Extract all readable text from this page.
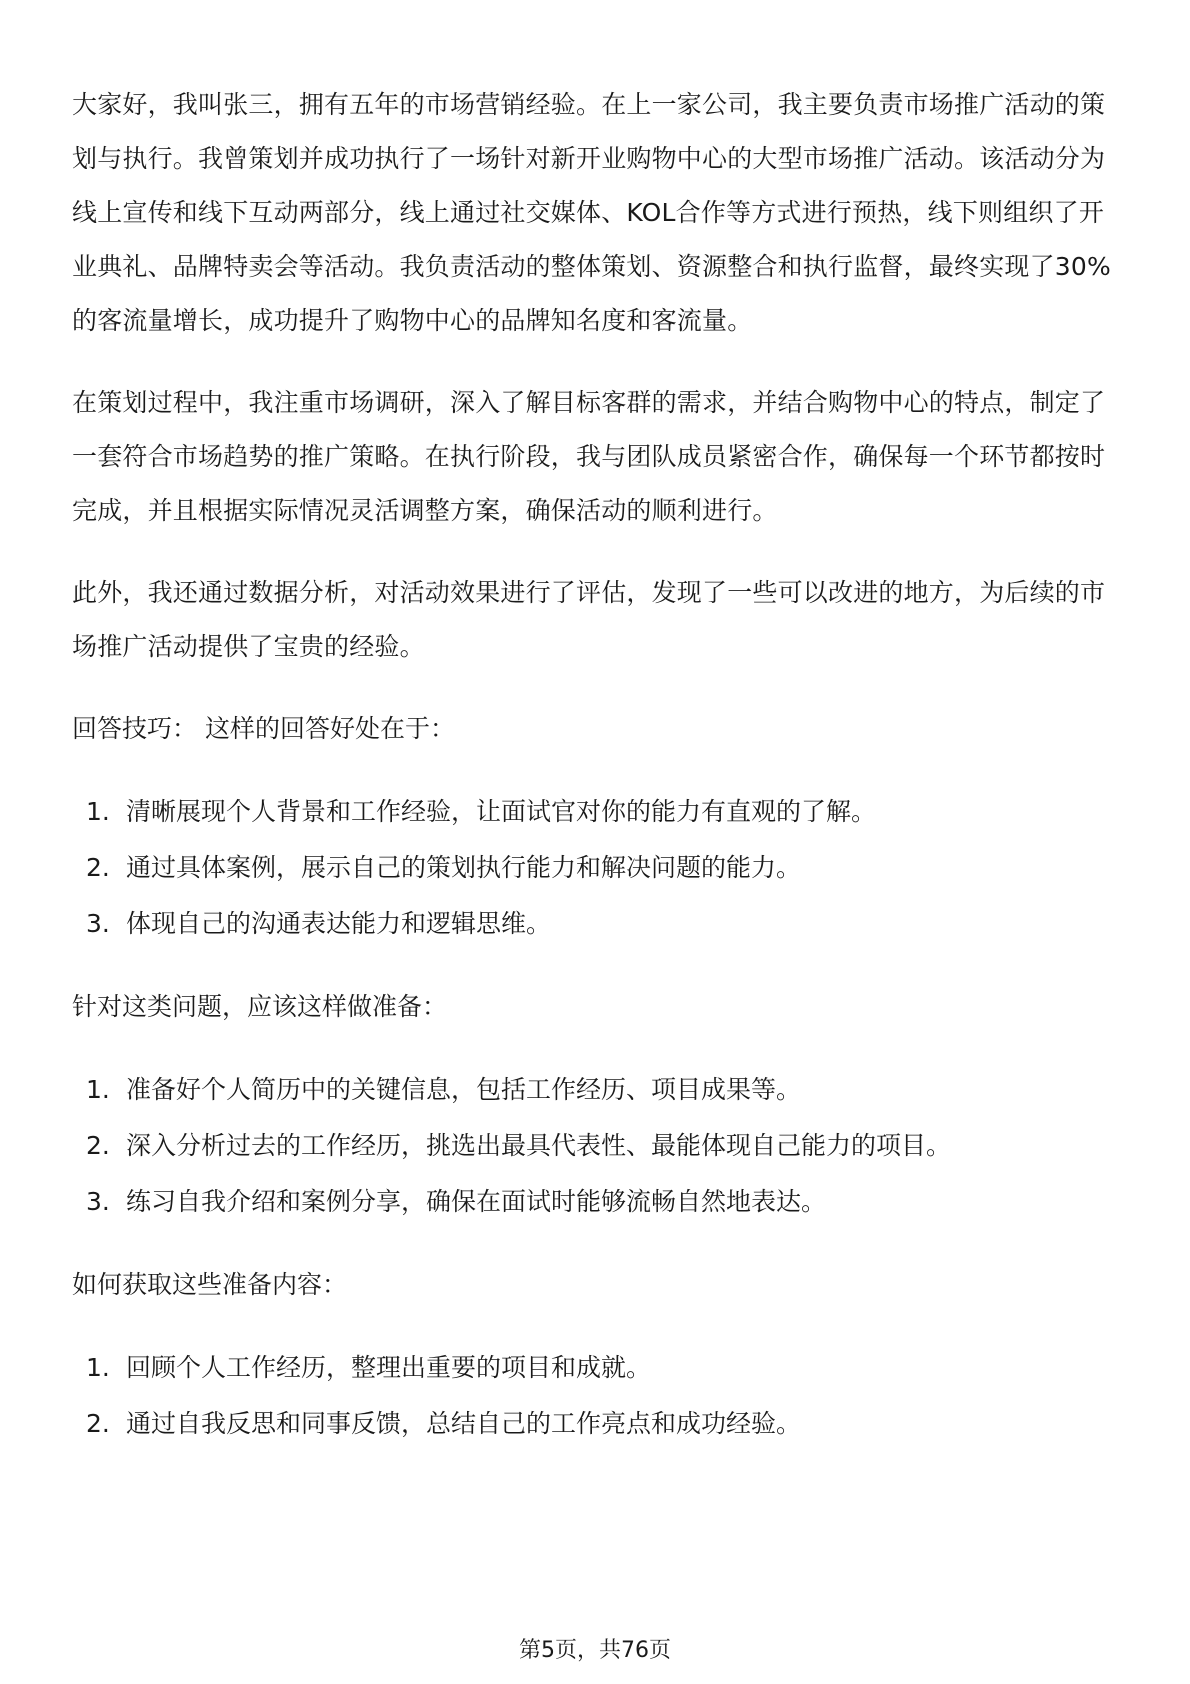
大家好，我叫张三，拥有五年的市场营销经验。在上一家公司，我主要负责市场推广活动的策划与执行。我曾策划并成功执行了一场针对新开业购物中心的大型市场推广活动。该活动分为线上宣传和线下互动两部分，线上通过社交媒体、KOL合作等方式进行预热，线下则组织了开业典礼、品牌特卖会等活动。我负责活动的整体策划、资源整合和执行监督，最终实现了30%的客流量增长，成功提升了购物中心的品牌知名度和客流量。

在策划过程中，我注重市场调研，深入了解目标客群的需求，并结合购物中心的特点，制定了一套符合市场趋势的推广策略。在执行阶段，我与团队成员紧密合作，确保每一个环节都按时完成，并且根据实际情况灵活调整方案，确保活动的顺利进行。

此外，我还通过数据分析，对活动效果进行了评估，发现了一些可以改进的地方，为后续的市场推广活动提供了宝贵的经验。

回答技巧： 这样的回答好处在于：

1. 清晰展现个人背景和工作经验，让面试官对你的能力有直观的了解。
2. 通过具体案例，展示自己的策划执行能力和解决问题的能力。
3. 体现自己的沟通表达能力和逻辑思维。

针对这类问题，应该这样做准备：

1. 准备好个人简历中的关键信息，包括工作经历、项目成果等。
2. 深入分析过去的工作经历，挑选出最具代表性、最能体现自己能力的项目。
3. 练习自我介绍和案例分享，确保在面试时能够流畅自然地表达。

如何获取这些准备内容：

1. 回顾个人工作经历，整理出重要的项目和成就。
2. 通过自我反思和同事反馈，总结自己的工作亮点和成功经验。
第5页，共76页
